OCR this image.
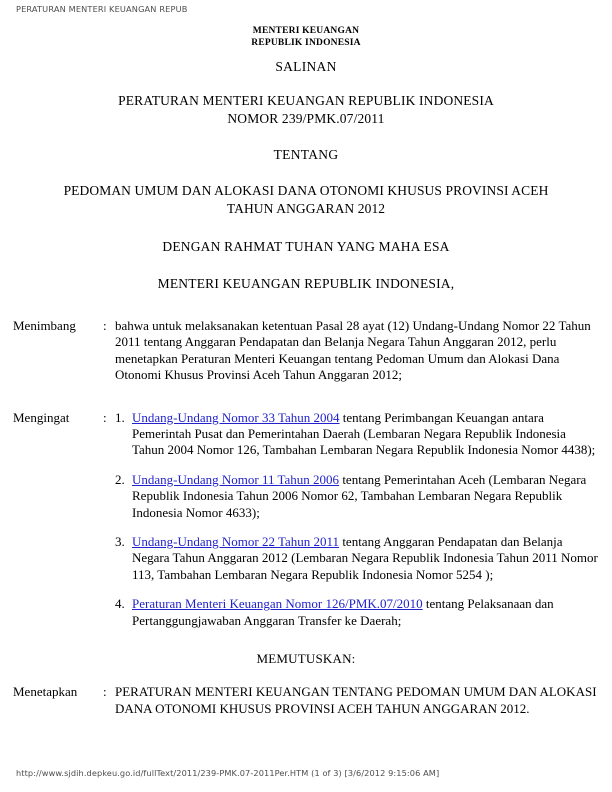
PERATURAN MENTERI KEUANGAN REPUB
MENTERI KEUANGAN
REPUBLIK INDONESIA
SALINAN
PERATURAN MENTERI KEUANGAN REPUBLIK INDONESIA
NOMOR 239/PMK.07/2011
TENTANG
PEDOMAN UMUM DAN ALOKASI DANA OTONOMI KHUSUS PROVINSI ACEH
TAHUN ANGGARAN 2012
DENGAN RAHMAT TUHAN YANG MAHA ESA
MENTERI KEUANGAN REPUBLIK INDONESIA,
Menimbang	: bahwa untuk melaksanakan ketentuan Pasal 28 ayat (12) Undang-Undang Nomor 22 Tahun 2011 tentang Anggaran Pendapatan dan Belanja Negara Tahun Anggaran 2012, perlu menetapkan Peraturan Menteri Keuangan tentang Pedoman Umum dan Alokasi Dana Otonomi Khusus Provinsi Aceh Tahun Anggaran 2012;

Mengingat	: 1. Undang-Undang Nomor 33 Tahun 2004 tentang Perimbangan Keuangan antara Pemerintah Pusat dan Pemerintahan Daerah (Lembaran Negara Republik Indonesia Tahun 2004 Nomor 126, Tambahan Lembaran Negara Republik Indonesia Nomor 4438);
2. Undang-Undang Nomor 11 Tahun 2006 tentang Pemerintahan Aceh (Lembaran Negara Republik Indonesia Tahun 2006 Nomor 62, Tambahan Lembaran Negara Republik Indonesia Nomor 4633);
3. Undang-Undang Nomor 22 Tahun 2011 tentang Anggaran Pendapatan dan Belanja Negara Tahun Anggaran 2012 (Lembaran Negara Republik Indonesia Tahun 2011 Nomor 113, Tambahan Lembaran Negara Republik Indonesia Nomor 5254 );
4. Peraturan Menteri Keuangan Nomor 126/PMK.07/2010 tentang Pelaksanaan dan Pertanggungjawaban Anggaran Transfer ke Daerah;
MEMUTUSKAN:
Menetapkan	: PERATURAN MENTERI KEUANGAN TENTANG PEDOMAN UMUM DAN ALOKASI DANA OTONOMI KHUSUS PROVINSI ACEH TAHUN ANGGARAN 2012.

http://www.sjdih.depkeu.go.id/fullText/2011/239-PMK.07-2011Per.HTM (1 of 3) [3/6/2012 9:15:06 AM]
